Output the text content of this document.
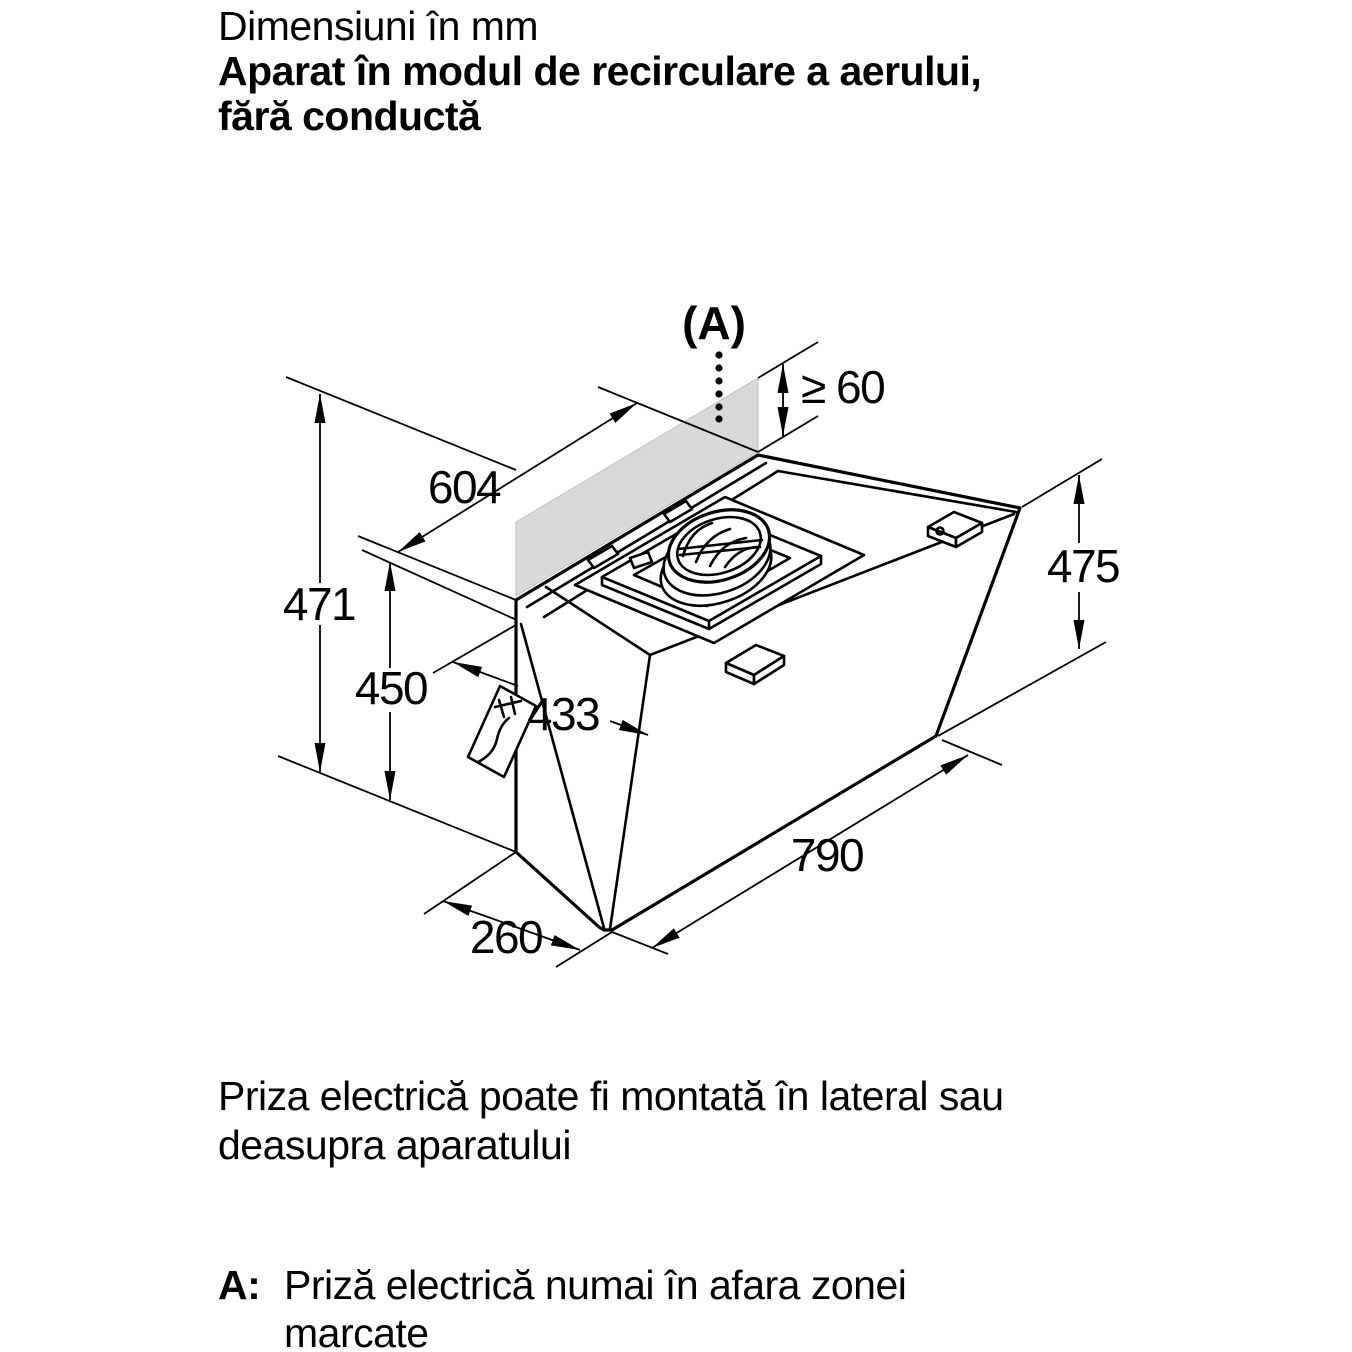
Dimensiuni în mm
Aparat în modul de recirculare a aerului,
fără conductă
(A)
≥ 60
604
471
450 433
260
790
475
Priza electrică poate fi montată în lateral sau
deasupra aparatului
A: Priză electrică numai în afara zonei
marcate
